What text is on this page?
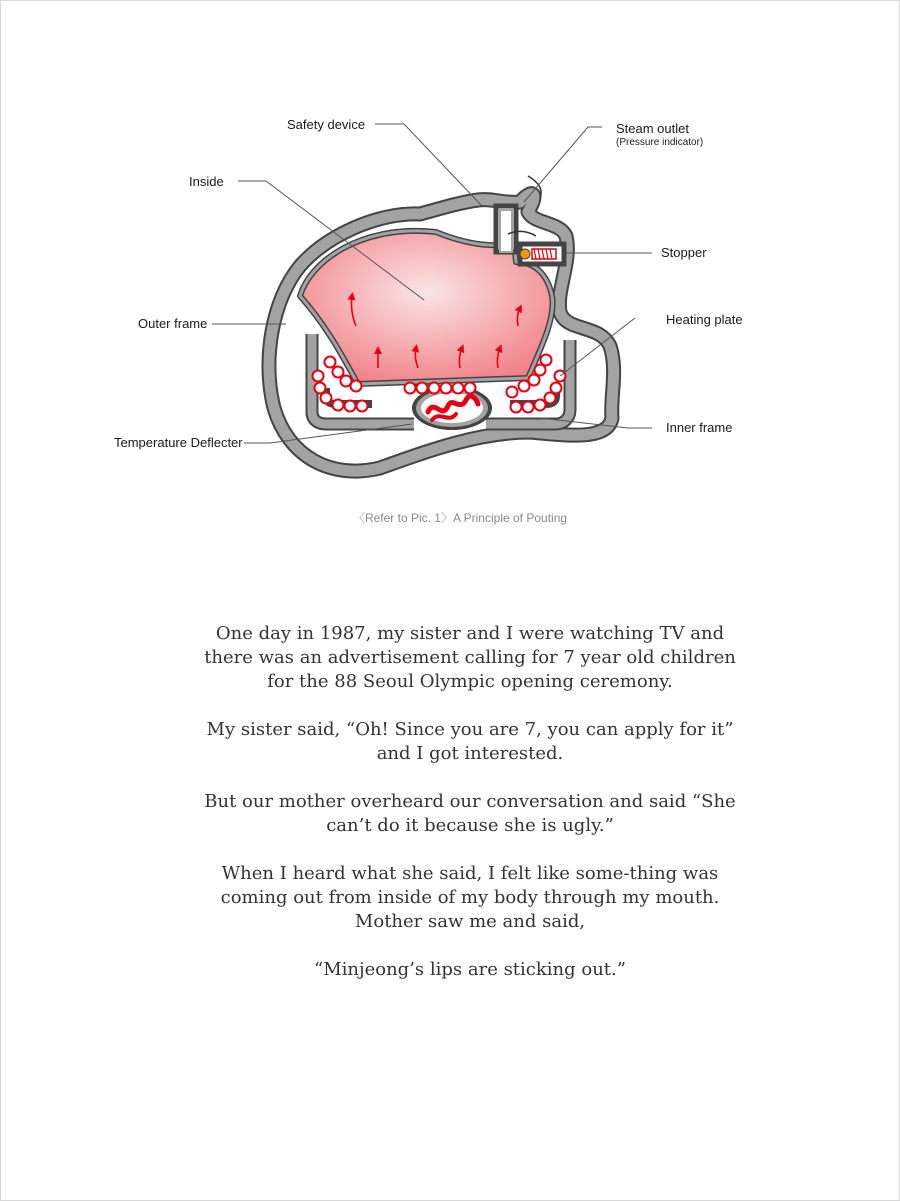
Safety device	Steam outlet
(Pressure indicator)
Inside
Stopper
Outer frame	Heating plate
Inner frame
Temperature Deflecter
〈Refer to Pic. 1〉A Principle of Pouting

One day in 1987, my sister and I were watching TV and there was an advertisement calling for 7 year old children for the 88 Seoul Olympic opening ceremony.

My sister said, “Oh! Since you are 7, you can apply for it” and I got interested.

But our mother overheard our conversation and said “She can’t do it because she is ugly.”

When I heard what she said, I felt like some-thing was coming out from inside of my body through my mouth. Mother saw me and said,

“Minjeong’s lips are sticking out.”
